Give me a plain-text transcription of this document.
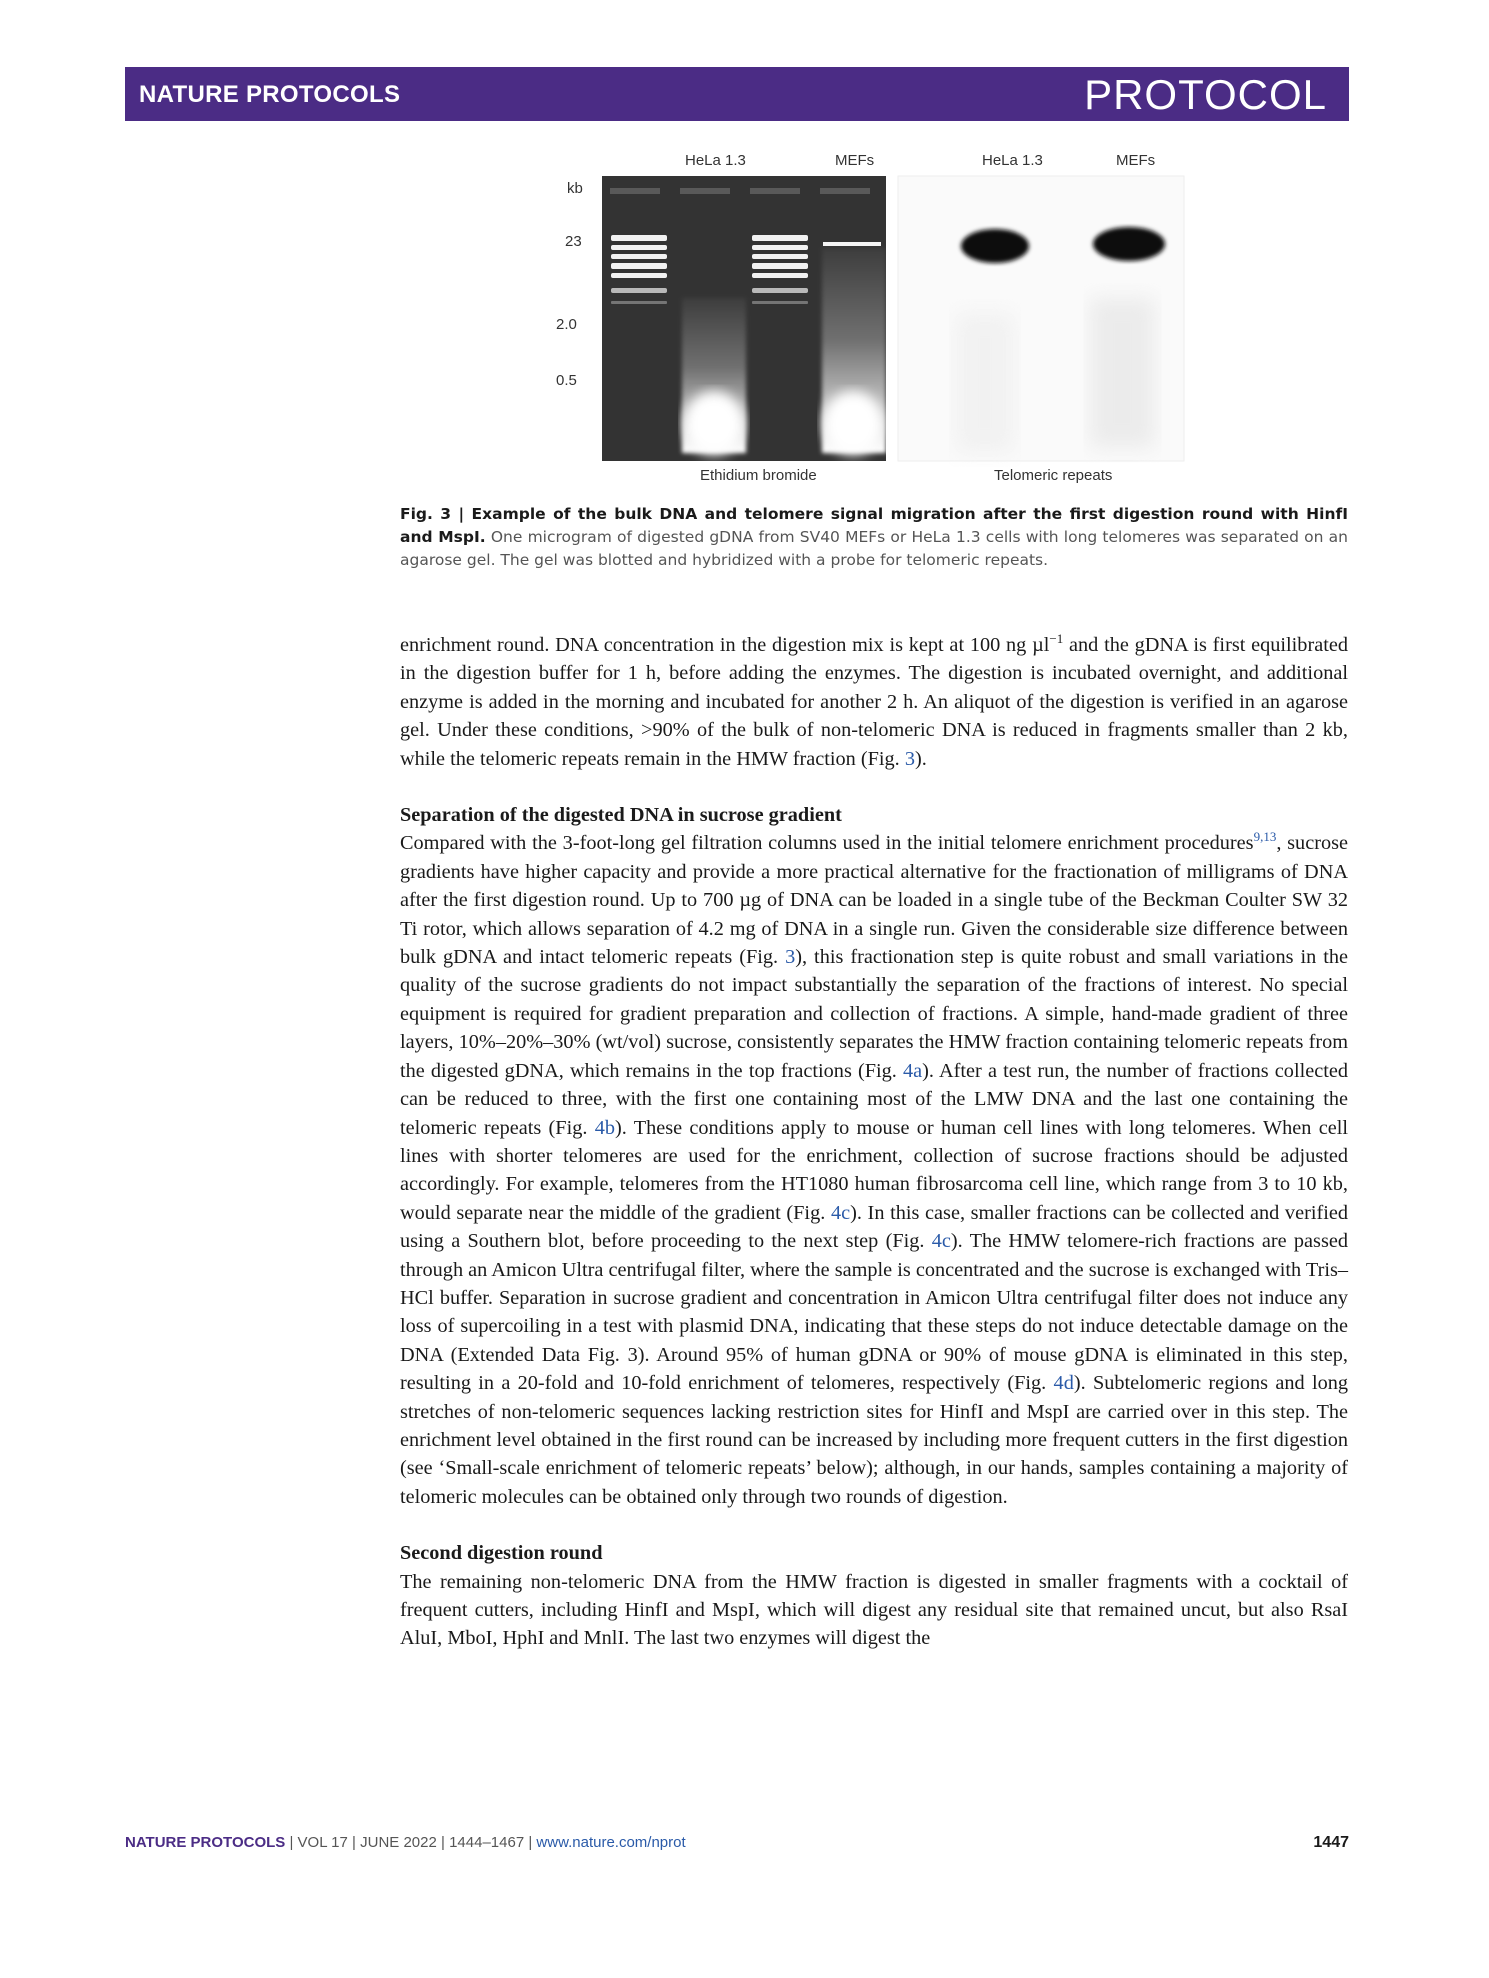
NATURE PROTOCOLS	PROTOCOL
HeLa 1.3	MEFs	HeLa 1.3	MEFs
kb
23
2.0
0.5
Ethidium bromide	Telomeric repeats
Fig. 3 | Example of the bulk DNA and telomere signal migration after the first digestion round with HinfI and MspI. One microgram of digested gDNA from SV40 MEFs or HeLa 1.3 cells with long telomeres was separated on an agarose gel. The gel was blotted and hybridized with a probe for telomeric repeats.

enrichment round. DNA concentration in the digestion mix is kept at 100 ng µl$^{-1}$ and the gDNA is first equilibrated in the digestion buffer for 1 h, before adding the enzymes. The digestion is incubated overnight, and additional enzyme is added in the morning and incubated for another 2 h. An aliquot of the digestion is verified in an agarose gel. Under these conditions, >90% of the bulk of non-telomeric DNA is reduced in fragments smaller than 2 kb, while the telomeric repeats remain in the HMW fraction (Fig. 3).

Separation of the digested DNA in sucrose gradient

Compared with the 3-foot-long gel filtration columns used in the initial telomere enrichment procedures$^{9,13}$, sucrose gradients have higher capacity and provide a more practical alternative for the fractionation of milligrams of DNA after the first digestion round. Up to 700 µg of DNA can be loaded in a single tube of the Beckman Coulter SW 32 Ti rotor, which allows separation of 4.2 mg of DNA in a single run. Given the considerable size difference between bulk gDNA and intact telomeric repeats (Fig. 3), this fractionation step is quite robust and small variations in the quality of the sucrose gradients do not impact substantially the separation of the fractions of interest. No special equipment is required for gradient preparation and collection of fractions. A simple, hand-made gradient of three layers, 10%–20%–30% (wt/vol) sucrose, consistently separates the HMW fraction containing telomeric repeats from the digested gDNA, which remains in the top fractions (Fig. 4a). After a test run, the number of fractions collected can be reduced to three, with the first one containing most of the LMW DNA and the last one containing the telomeric repeats (Fig. 4b). These conditions apply to mouse or human cell lines with long telomeres. When cell lines with shorter telomeres are used for the enrichment, collection of sucrose fractions should be adjusted accordingly. For example, telomeres from the HT1080 human fibrosarcoma cell line, which range from 3 to 10 kb, would separate near the middle of the gradient (Fig. 4c). In this case, smaller fractions can be collected and verified using a Southern blot, before proceeding to the next step (Fig. 4c). The HMW telomere-rich fractions are passed through an Amicon Ultra centrifugal filter, where the sample is concentrated and the sucrose is exchanged with Tris–HCl buffer. Separation in sucrose gradient and concentration in Amicon Ultra centrifugal filter does not induce any loss of supercoiling in a test with plasmid DNA, indicating that these steps do not induce detectable damage on the DNA (Extended Data Fig. 3). Around 95% of human gDNA or 90% of mouse gDNA is eliminated in this step, resulting in a 20-fold and 10-fold enrichment of telomeres, respectively (Fig. 4d). Subtelomeric regions and long stretches of non-telomeric sequences lacking restriction sites for HinfI and MspI are carried over in this step. The enrichment level obtained in the first round can be increased by including more frequent cutters in the first digestion (see ‘Small-scale enrichment of telomeric repeats’ below); although, in our hands, samples containing a majority of telomeric molecules can be obtained only through two rounds of digestion.

Second digestion round

The remaining non-telomeric DNA from the HMW fraction is digested in smaller fragments with a cocktail of frequent cutters, including HinfI and MspI, which will digest any residual site that remained uncut, but also RsaI AluI, MboI, HphI and MnlI. The last two enzymes will digest the

NATURE PROTOCOLS | VOL 17 | JUNE 2022 | 1444–1467 | www.nature.com/nprot	1447
